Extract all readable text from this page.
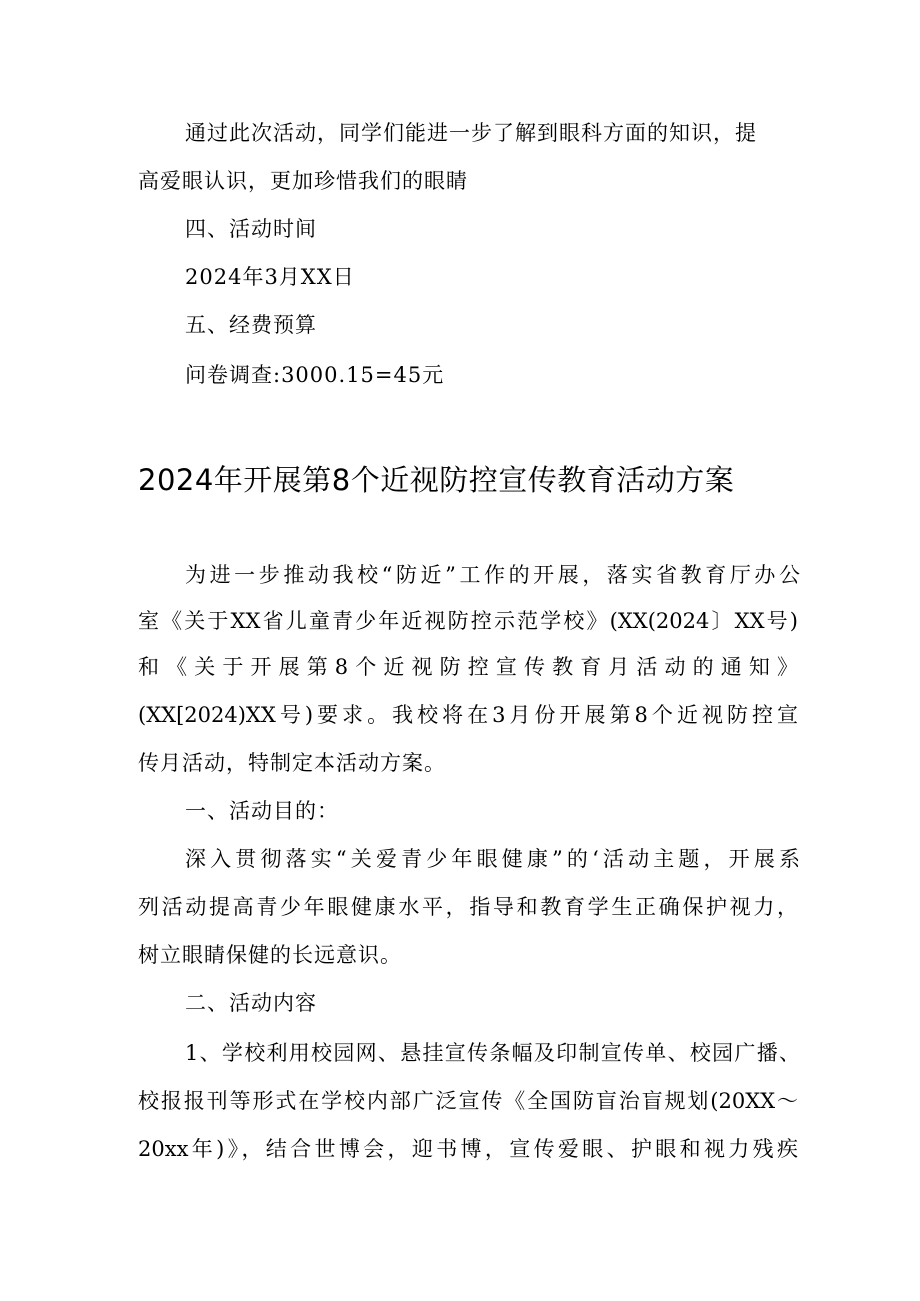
通过此次活动，同学们能进一步了解到眼科方面的知识，提
高爱眼认识，更加珍惜我们的眼睛
四、活动时间
2024年3月XX日
五、经费预算
问卷调查:3000.15=45元
2024年开展第8个近视防控宣传教育活动方案
为进一步推动我校“防近”工作的开展，落实省教育厅办公
室《关于XX省儿童青少年近视防控示范学校》(XX(2024〕XX号)
和《关于开展第8个近视防控宣传教育月活动的通知》
(XX[2024)XX号)要求。我校将在3月份开展第8个近视防控宣
传月活动，特制定本活动方案。
一、活动目的：
深入贯彻落实“关爱青少年眼健康”的‘活动主题，开展系
列活动提高青少年眼健康水平，指导和教育学生正确保护视力，
树立眼睛保健的长远意识。
二、活动内容
1、学校利用校园网、悬挂宣传条幅及印制宣传单、校园广播、
校报报刊等形式在学校内部广泛宣传《全国防盲治盲规划(20XX～
20xx年)》，结合世博会，迎书博，宣传爱眼、护眼和视力残疾
